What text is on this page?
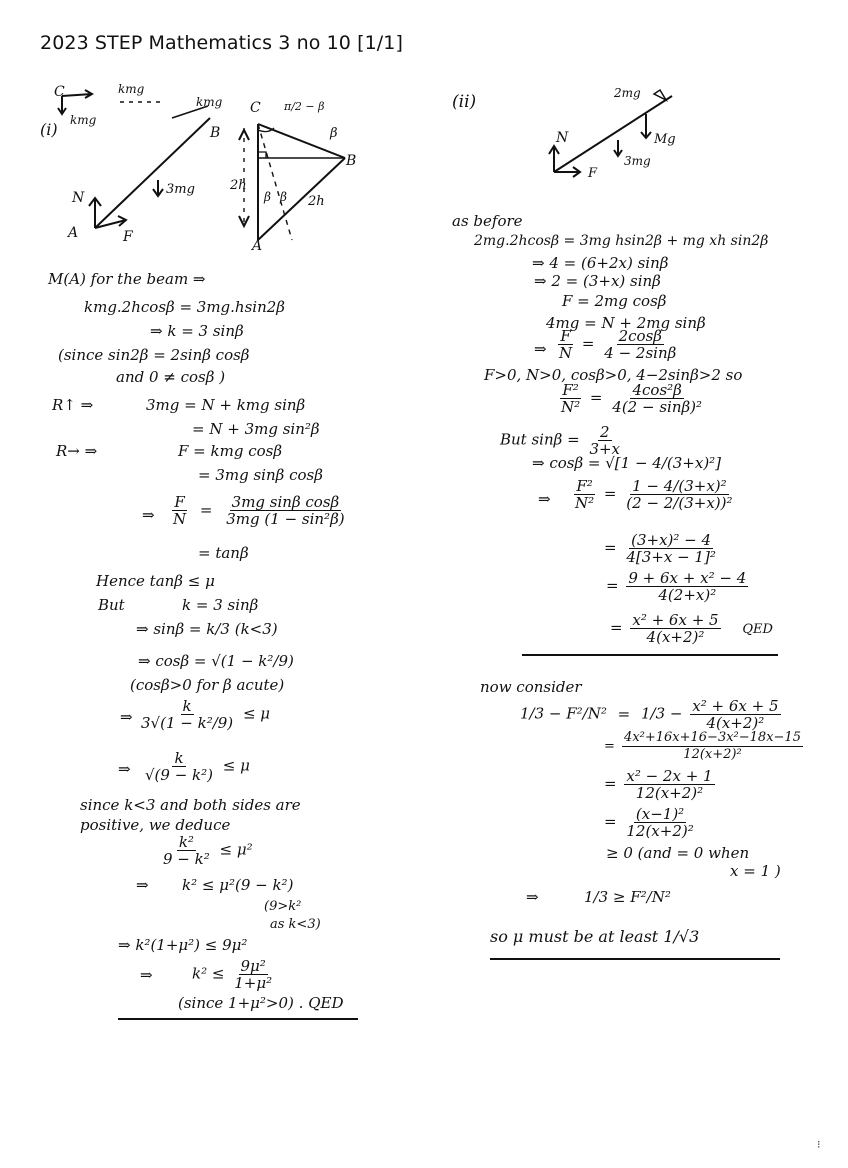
2023 STEP Mathematics 3 no 10 [1/1]
(i)
C	kmg
kmg
kmg
B
3mg
N
A	F
C π/2 − β
β
B
2h
β β 2h
A
M(A) for the beam ⇒
kmg.2hcosβ = 3mg.hsin2β
⇒ k = 3 sinβ
(since sin2β = 2sinβ cosβ
and 0 ≠ cosβ )
R↑ ⇒	3mg = N + kmg sinβ
= N + 3mg sin²β
R→ ⇒	F = kmg cosβ
= 3mg sinβ cosβ
⇒ $\frac{F}{N} = \frac{\text{3mg sinβ cosβ}}{\text{3mg (1 − sin²β)}}$
= tanβ
Hence tanβ ≤ μ
But	k = 3 sinβ
⇒ sinβ = k/3 (k<3)
⇒ cosβ = √(1 − k²/9)
(cosβ>0 for β acute)
⇒ $\frac{k}{\text{3√(1 − k²/9)}} \le \mu$
⇒ $\frac{k}{\text{√(9 − k²)}} \le \mu$
since k<3 and both sides are
positive, we deduce
$\frac{\text{k²}}{\text{9 − k²}} \le \mu^2$
⇒ k² ≤ μ²(9 − k²)
(9>k²
as k<3)
⇒ k²(1+μ²) ≤ 9μ²
⇒	$k^2 \le \frac{\text{9μ²}}{\text{1+μ²}}$
(since 1+μ²>0) . QED
(ii)	2mg
Mg
3mg
N
F
as before
2mg.2hcosβ = 3mg hsin2β + mg xh sin2β
⇒ 4 = (6+2x) sinβ
⇒ 2 = (3+x) sinβ
F = 2mg cosβ
4mg = N + 2mg sinβ
⇒ $\frac{F}{N} = \frac{2\cos\beta}{4 - 2\sin\beta}$
F>0, N>0, cosβ>0, 4−2sinβ>2 so
$\frac{\text{F²}}{\text{N²}} = \frac{\text{4cos²β}}{\text{4(2 − sinβ)²}}$
But $\sin\beta = \frac{2}{3+x}$
⇒ cosβ = √[1 − 4/(3+x)²]
⇒ $\frac{\text{F²}}{\text{N²}} = \frac{\text{1 − 4/(3+x)²}}{\text{(2 − 2/(3+x))²}}$
= $\frac{\text{(3+x)² − 4}}{\text{4[3+x − 1]²}}$
= $\frac{\text{9 + 6x + x² − 4}}{\text{4(2+x)²}}$
= $\frac{\text{x² + 6x + 5}}{\text{4(x+2)²}}$ QED
now consider
$1/3 - F^2/N^2 = 1/3 - \frac{\text{x² + 6x + 5}}{\text{4(x+2)²}}$
= $\frac{\text{4x²+16x+16−3x²−18x−15}}{\text{12(x+2)²}}$
= $\frac{\text{x² − 2x + 1}}{\text{12(x+2)²}}$
= $\frac{\text{(x−1)²}}{\text{12(x+2)²}}$
≥ 0 (and = 0 when
x = 1 )
⇒	1/3 ≥ F²/N²
so μ must be at least 1/√3
⁝
